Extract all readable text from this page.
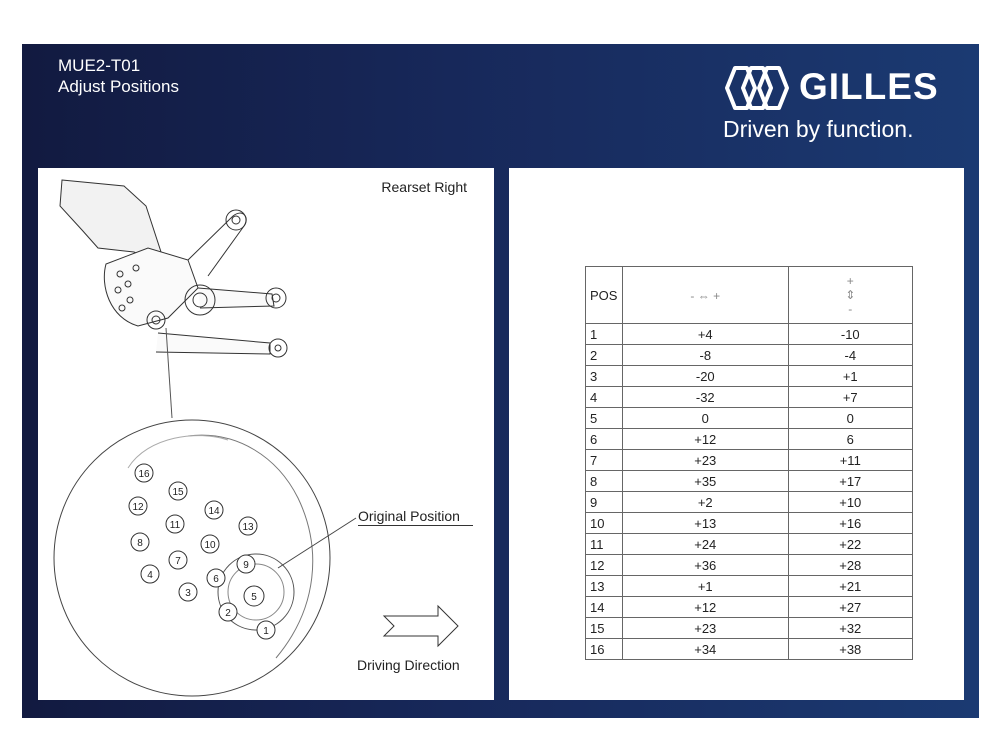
MUE2-T01
Adjust Positions	GILLES
Driven by function.
Rearset Right
16
15
12
11
14
13
8	10
7	9
4	6
5
3
2
1
Original Position
Driving Direction
POS	- ⇔ +	+
⇕
-

1	+4	-10
2	-8	-4
3	-20	+1
4	-32	+7
5	0	0
6	+12	6
7	+23	+11
8	+35	+17
9	+2	+10
10	+13	+16
11	+24	+22
12	+36	+28
13	+1	+21
14	+12	+27
15	+23	+32
16	+34	+38
